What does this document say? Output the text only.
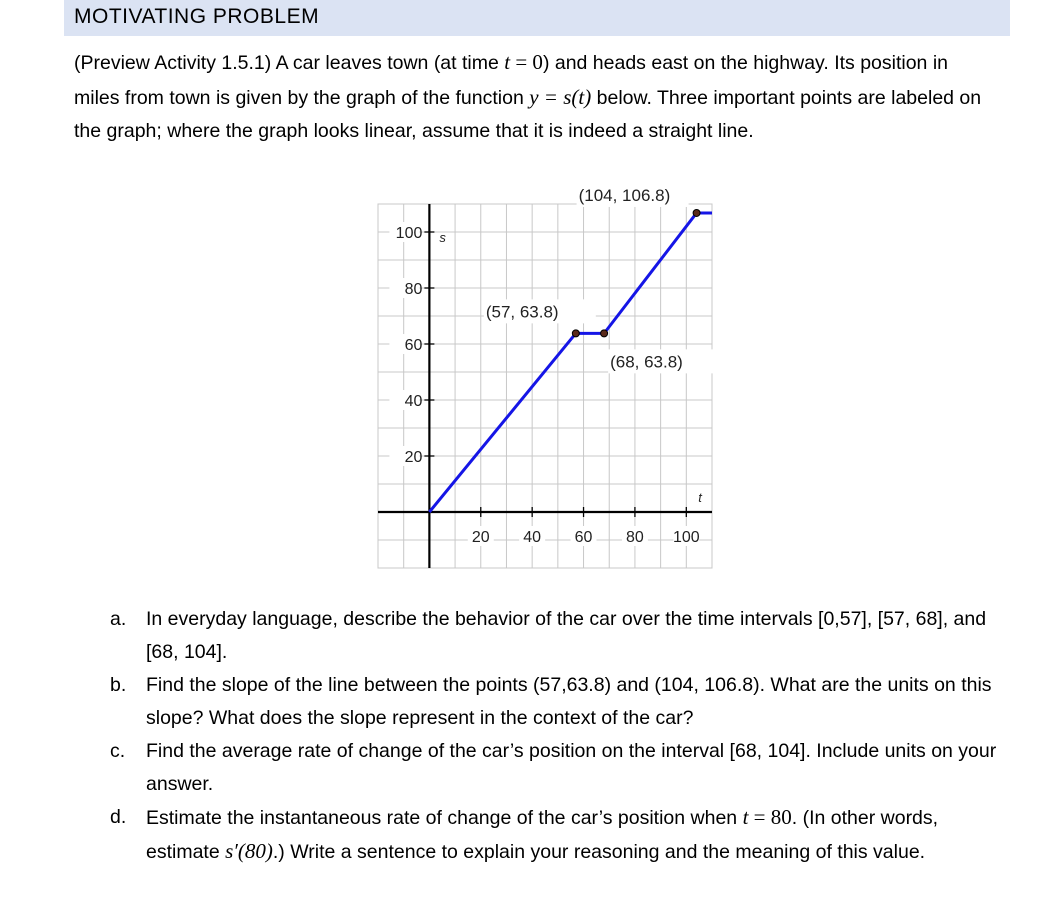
MOTIVATING PROBLEM

(Preview Activity 1.5.1) A car leaves town (at time t = 0) and heads east on the highway. Its position in miles from town is given by the graph of the function y = s(t) below. Three important points are labeled on the graph; where the graph looks linear, assume that it is indeed a straight line.

20 40 60 80 100
20
40
60
80
100 s
t
(57, 63.8)
(68, 63.8)
(104, 106.8)
a. In everyday language, describe the behavior of the car over the time intervals [0,57], [57, 68], and [68, 104].
b. Find the slope of the line between the points (57,63.8) and (104, 106.8). What are the units on this slope? What does the slope represent in the context of the car?
c. Find the average rate of change of the car’s position on the interval [68, 104]. Include units on your answer.
d. Estimate the instantaneous rate of change of the car’s position when t = 80. (In other words, estimate s′(80).) Write a sentence to explain your reasoning and the meaning of this value.
